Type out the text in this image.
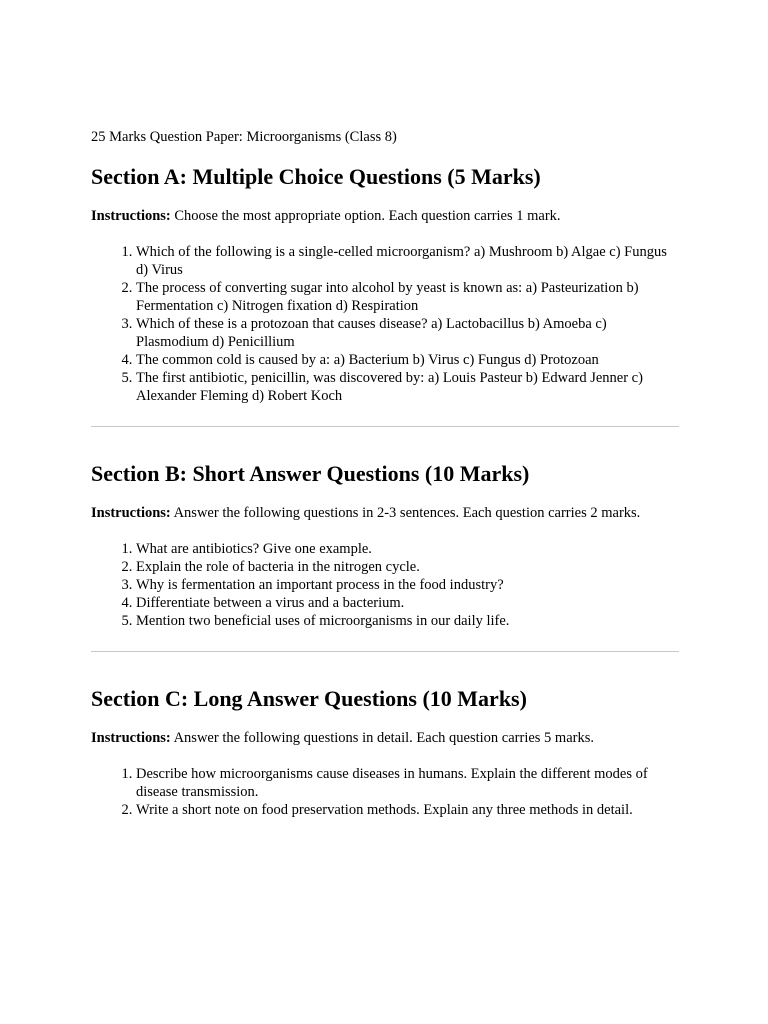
25 Marks Question Paper: Microorganisms (Class 8)

Section A: Multiple Choice Questions (5 Marks)

Instructions: Choose the most appropriate option. Each question carries 1 mark.

1. Which of the following is a single-celled microorganism? a) Mushroom b) Algae c) Fungus d) Virus
2. The process of converting sugar into alcohol by yeast is known as: a) Pasteurization b) Fermentation c) Nitrogen fixation d) Respiration
3. Which of these is a protozoan that causes disease? a) Lactobacillus b) Amoeba c) Plasmodium d) Penicillium
4. The common cold is caused by a: a) Bacterium b) Virus c) Fungus d) Protozoan
5. The first antibiotic, penicillin, was discovered by: a) Louis Pasteur b) Edward Jenner c) Alexander Fleming d) Robert Koch
Section B: Short Answer Questions (10 Marks)

Instructions: Answer the following questions in 2-3 sentences. Each question carries 2 marks.

1. What are antibiotics? Give one example.
2. Explain the role of bacteria in the nitrogen cycle.
3. Why is fermentation an important process in the food industry?
4. Differentiate between a virus and a bacterium.
5. Mention two beneficial uses of microorganisms in our daily life.
Section C: Long Answer Questions (10 Marks)

Instructions: Answer the following questions in detail. Each question carries 5 marks.

1. Describe how microorganisms cause diseases in humans. Explain the different modes of disease transmission.
2. Write a short note on food preservation methods. Explain any three methods in detail.
